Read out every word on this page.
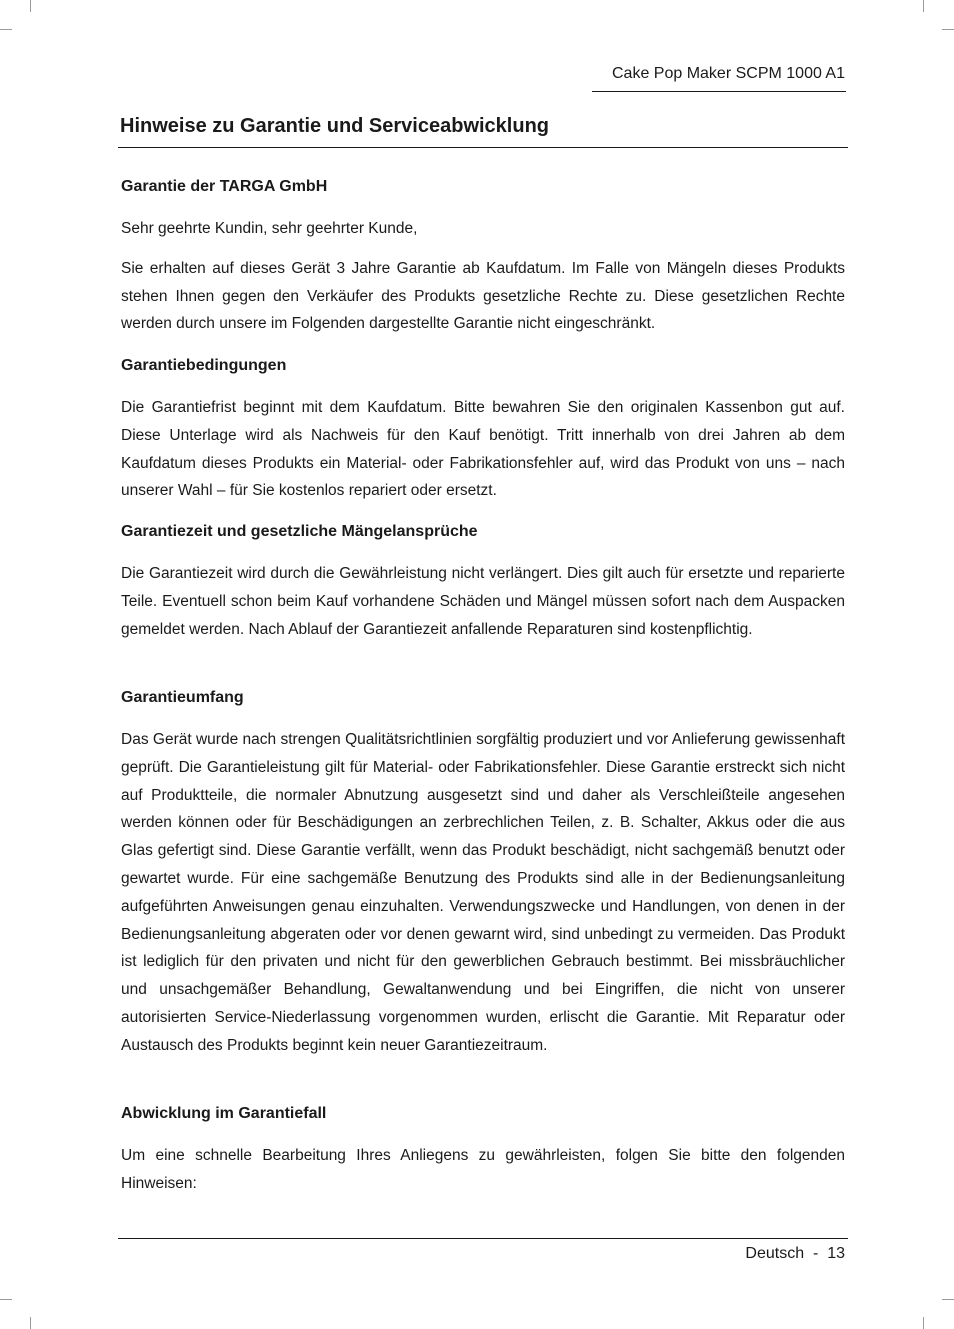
Cake Pop Maker SCPM 1000 A1
Hinweise zu Garantie und Serviceabwicklung
Garantie der TARGA GmbH

Sehr geehrte Kundin, sehr geehrter Kunde,

Sie erhalten auf dieses Gerät 3 Jahre Garantie ab Kaufdatum. Im Falle von Mängeln dieses Produkts stehen Ihnen gegen den Verkäufer des Produkts gesetzliche Rechte zu. Diese gesetzlichen Rechte werden durch unsere im Folgenden dargestellte Garantie nicht eingeschränkt.

Garantiebedingungen

Die Garantiefrist beginnt mit dem Kaufdatum. Bitte bewahren Sie den originalen Kassenbon gut auf. Diese Unterlage wird als Nachweis für den Kauf benötigt. Tritt innerhalb von drei Jahren ab dem Kaufdatum dieses Produkts ein Material- oder Fabrikationsfehler auf, wird das Produkt von uns – nach unserer Wahl – für Sie kostenlos repariert oder ersetzt.

Garantiezeit und gesetzliche Mängelansprüche

Die Garantiezeit wird durch die Gewährleistung nicht verlängert. Dies gilt auch für ersetzte und reparierte Teile. Eventuell schon beim Kauf vorhandene Schäden und Mängel müssen sofort nach dem Auspacken gemeldet werden. Nach Ablauf der Garantiezeit anfallende Reparaturen sind kostenpflichtig.

Garantieumfang

Das Gerät wurde nach strengen Qualitätsrichtlinien sorgfältig produziert und vor Anlieferung gewissenhaft geprüft. Die Garantieleistung gilt für Material- oder Fabrikationsfehler. Diese Garantie erstreckt sich nicht auf Produktteile, die normaler Abnutzung ausgesetzt sind und daher als Verschleißteile angesehen werden können oder für Beschädigungen an zerbrechlichen Teilen, z. B. Schalter, Akkus oder die aus Glas gefertigt sind. Diese Garantie verfällt, wenn das Produkt beschädigt, nicht sachgemäß benutzt oder gewartet wurde. Für eine sachgemäße Benutzung des Produkts sind alle in der Bedienungsanleitung aufgeführten Anweisungen genau einzuhalten. Verwendungszwecke und Handlungen, von denen in der Bedienungsanleitung abgeraten oder vor denen gewarnt wird, sind unbedingt zu vermeiden. Das Produkt ist lediglich für den privaten und nicht für den gewerblichen Gebrauch bestimmt. Bei missbräuchlicher und unsachgemäßer Behandlung, Gewaltanwendung und bei Eingriffen, die nicht von unserer autorisierten Service-Niederlassung vorgenommen wurden, erlischt die Garantie. Mit Reparatur oder Austausch des Produkts beginnt kein neuer Garantiezeitraum.

Abwicklung im Garantiefall

Um eine schnelle Bearbeitung Ihres Anliegens zu gewährleisten, folgen Sie bitte den folgenden Hinweisen:

Deutsch  -  13
